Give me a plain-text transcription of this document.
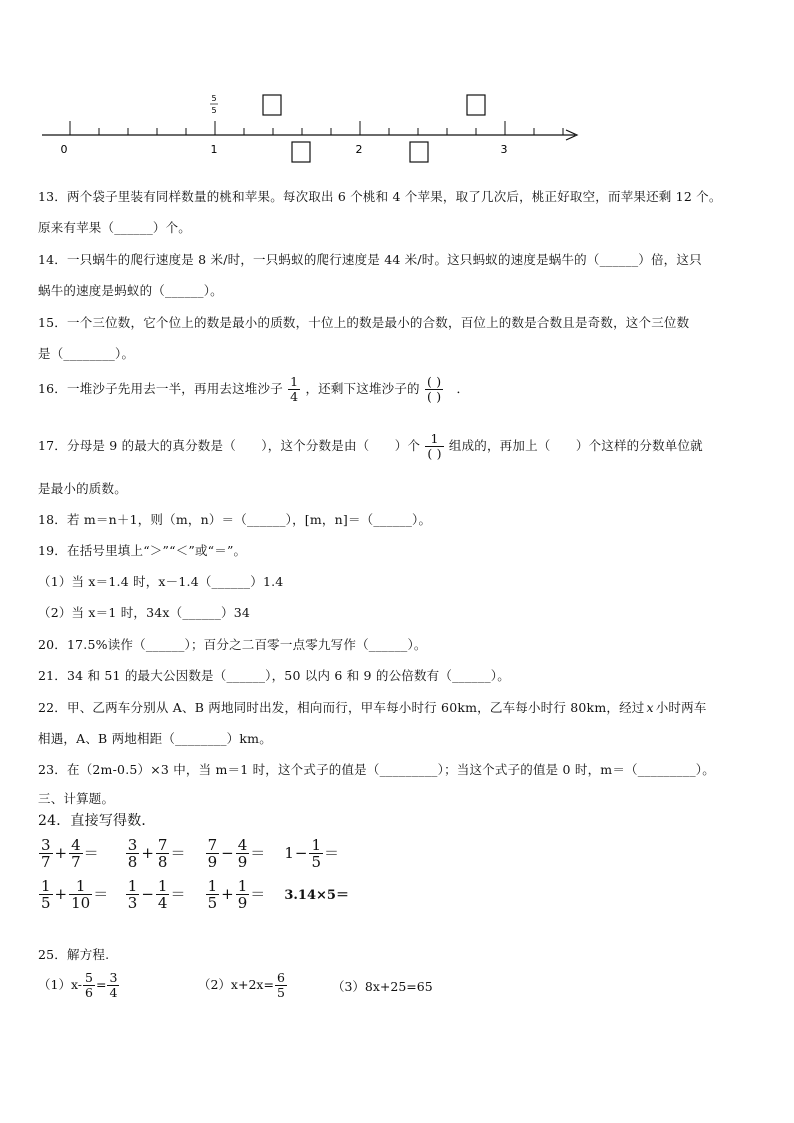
5
5
0	1	2	3
13．两个袋子里装有同样数量的桃和苹果。每次取出 6 个桃和 4 个苹果，取了几次后，桃正好取空，而苹果还剩 12 个。
原来有苹果（______）个。
14．一只蜗牛的爬行速度是 8 米/时，一只蚂蚁的爬行速度是 44 米/时。这只蚂蚁的速度是蜗牛的（______）倍，这只
蜗牛的速度是蚂蚁的（______）。
15．一个三位数，它个位上的数是最小的质数，十位上的数是最小的合数，百位上的数是合数且是奇数，这个三位数
是（________）。
16．一堆沙子先用去一半，再用去这堆沙子 $\frac{1}{4}$ ，还剩下这堆沙子的 $\frac{( )}{( )}$ ．
17．分母是 9 的最大的真分数是（　　），这个分数是由（　　）个 $\frac{1}{( )}$ 组成的，再加上（　　）个这样的分数单位就
是最小的质数。
18．若 m＝n＋1，则（m，n）＝（______），[m，n]＝（______）。
19．在括号里填上“＞”“＜”或“＝”。
（1）当 x＝1.4 时，x－1.4（______）1.4
（2）当 x＝1 时，34x（______）34
20．17.5%读作（______）；百分之二百零一点零九写作（______）。
21．34 和 51 的最大公因数是（______），50 以内 6 和 9 的公倍数有（______）。
22．甲、乙两车分别从 A、B 两地同时出发，相向而行，甲车每小时行 60km，乙车每小时行 80km，经过 x 小时两车
相遇，A、B 两地相距（________）km。
23．在（2m-0.5）×3 中，当 m＝1 时，这个式子的值是（_________）；当这个式子的值是 0 时，m＝（_________）。
三、计算题。
24．直接写得数．
$\frac{3}{7} + \frac{4}{7} = \frac{3}{8} + \frac{7}{8} = \frac{7}{9} - \frac{4}{9} = 1- \frac{1}{5}$ ＝
$\frac{1}{5} + \frac{1}{10} = \frac{1}{3} - \frac{1}{4} = \frac{1}{5} + \frac{1}{9} = 3.14\times 5=$
25．解方程.
$(1)x- \frac{5}{6} = \frac{3}{4}$	$(2)x+2x= \frac{6}{5}$	（3）8x+25=65
